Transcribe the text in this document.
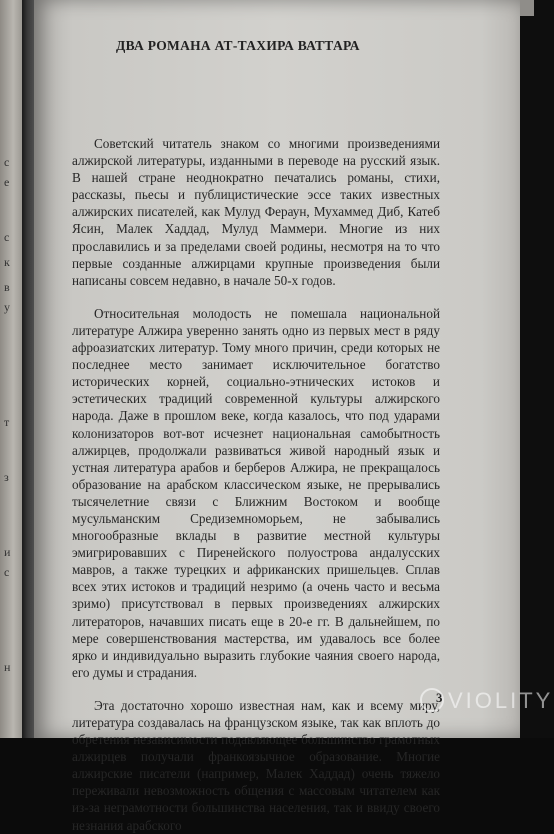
с
е
с
к
в
у
т
з
и
с
н
ДВА РОМАНА АТ-ТАХИРА ВАТТАРА

Советский читатель знаком со многими произведениями алжирской литературы, изданными в переводе на русский язык. В нашей стране неоднократно печатались романы, стихи, рассказы, пьесы и публицистические эссе таких известных алжирских писателей, как Мулуд Фераун, Мухаммед Диб, Катеб Ясин, Малек Хаддад, Мулуд Маммери. Многие из них прославились и за пределами своей родины, несмотря на то что первые созданные алжирцами крупные произведения были написаны совсем недавно, в начале 50-х годов.

Относительная молодость не помешала национальной литературе Алжира уверенно занять одно из первых мест в ряду афроазиатских литератур. Тому много причин, среди которых не последнее место занимает исключительное богатство исторических корней, социально-этнических истоков и эстетических традиций современной культуры алжирского народа. Даже в прошлом веке, когда казалось, что под ударами колонизаторов вот-вот исчезнет национальная самобытность алжирцев, продолжали развиваться живой народный язык и устная литература арабов и берберов Алжира, не прекращалось образование на арабском классическом языке, не прерывались тысячелетние связи с Ближним Востоком и вообще мусульманским Средиземноморьем, не забывались многообразные вклады в развитие местной культуры эмигрировавших с Пиренейского полуострова андалусских мавров, а также турецких и африканских пришельцев. Сплав всех этих истоков и традиций незримо (а очень часто и весьма зримо) присутствовал в первых произведениях алжирских литераторов, начавших писать еще в 20-е гг. В дальнейшем, по мере совершенствования мастерства, им удавалось все более ярко и индивидуально выразить глубокие чаяния своего народа, его думы и страдания.

Эта достаточно хорошо известная нам, как и всему миру, литература создавалась на французском языке, так как вплоть до обретения независимости подавляющее большинство грамотных алжирцев получали франкоязычное образование. Многие алжирские писатели (например, Малек Хаддад) очень тяжело переживали невозможность общения с массовым читателем как из-за неграмотности большинства населения, так и ввиду своего незнания арабского

3 VIOLITY
